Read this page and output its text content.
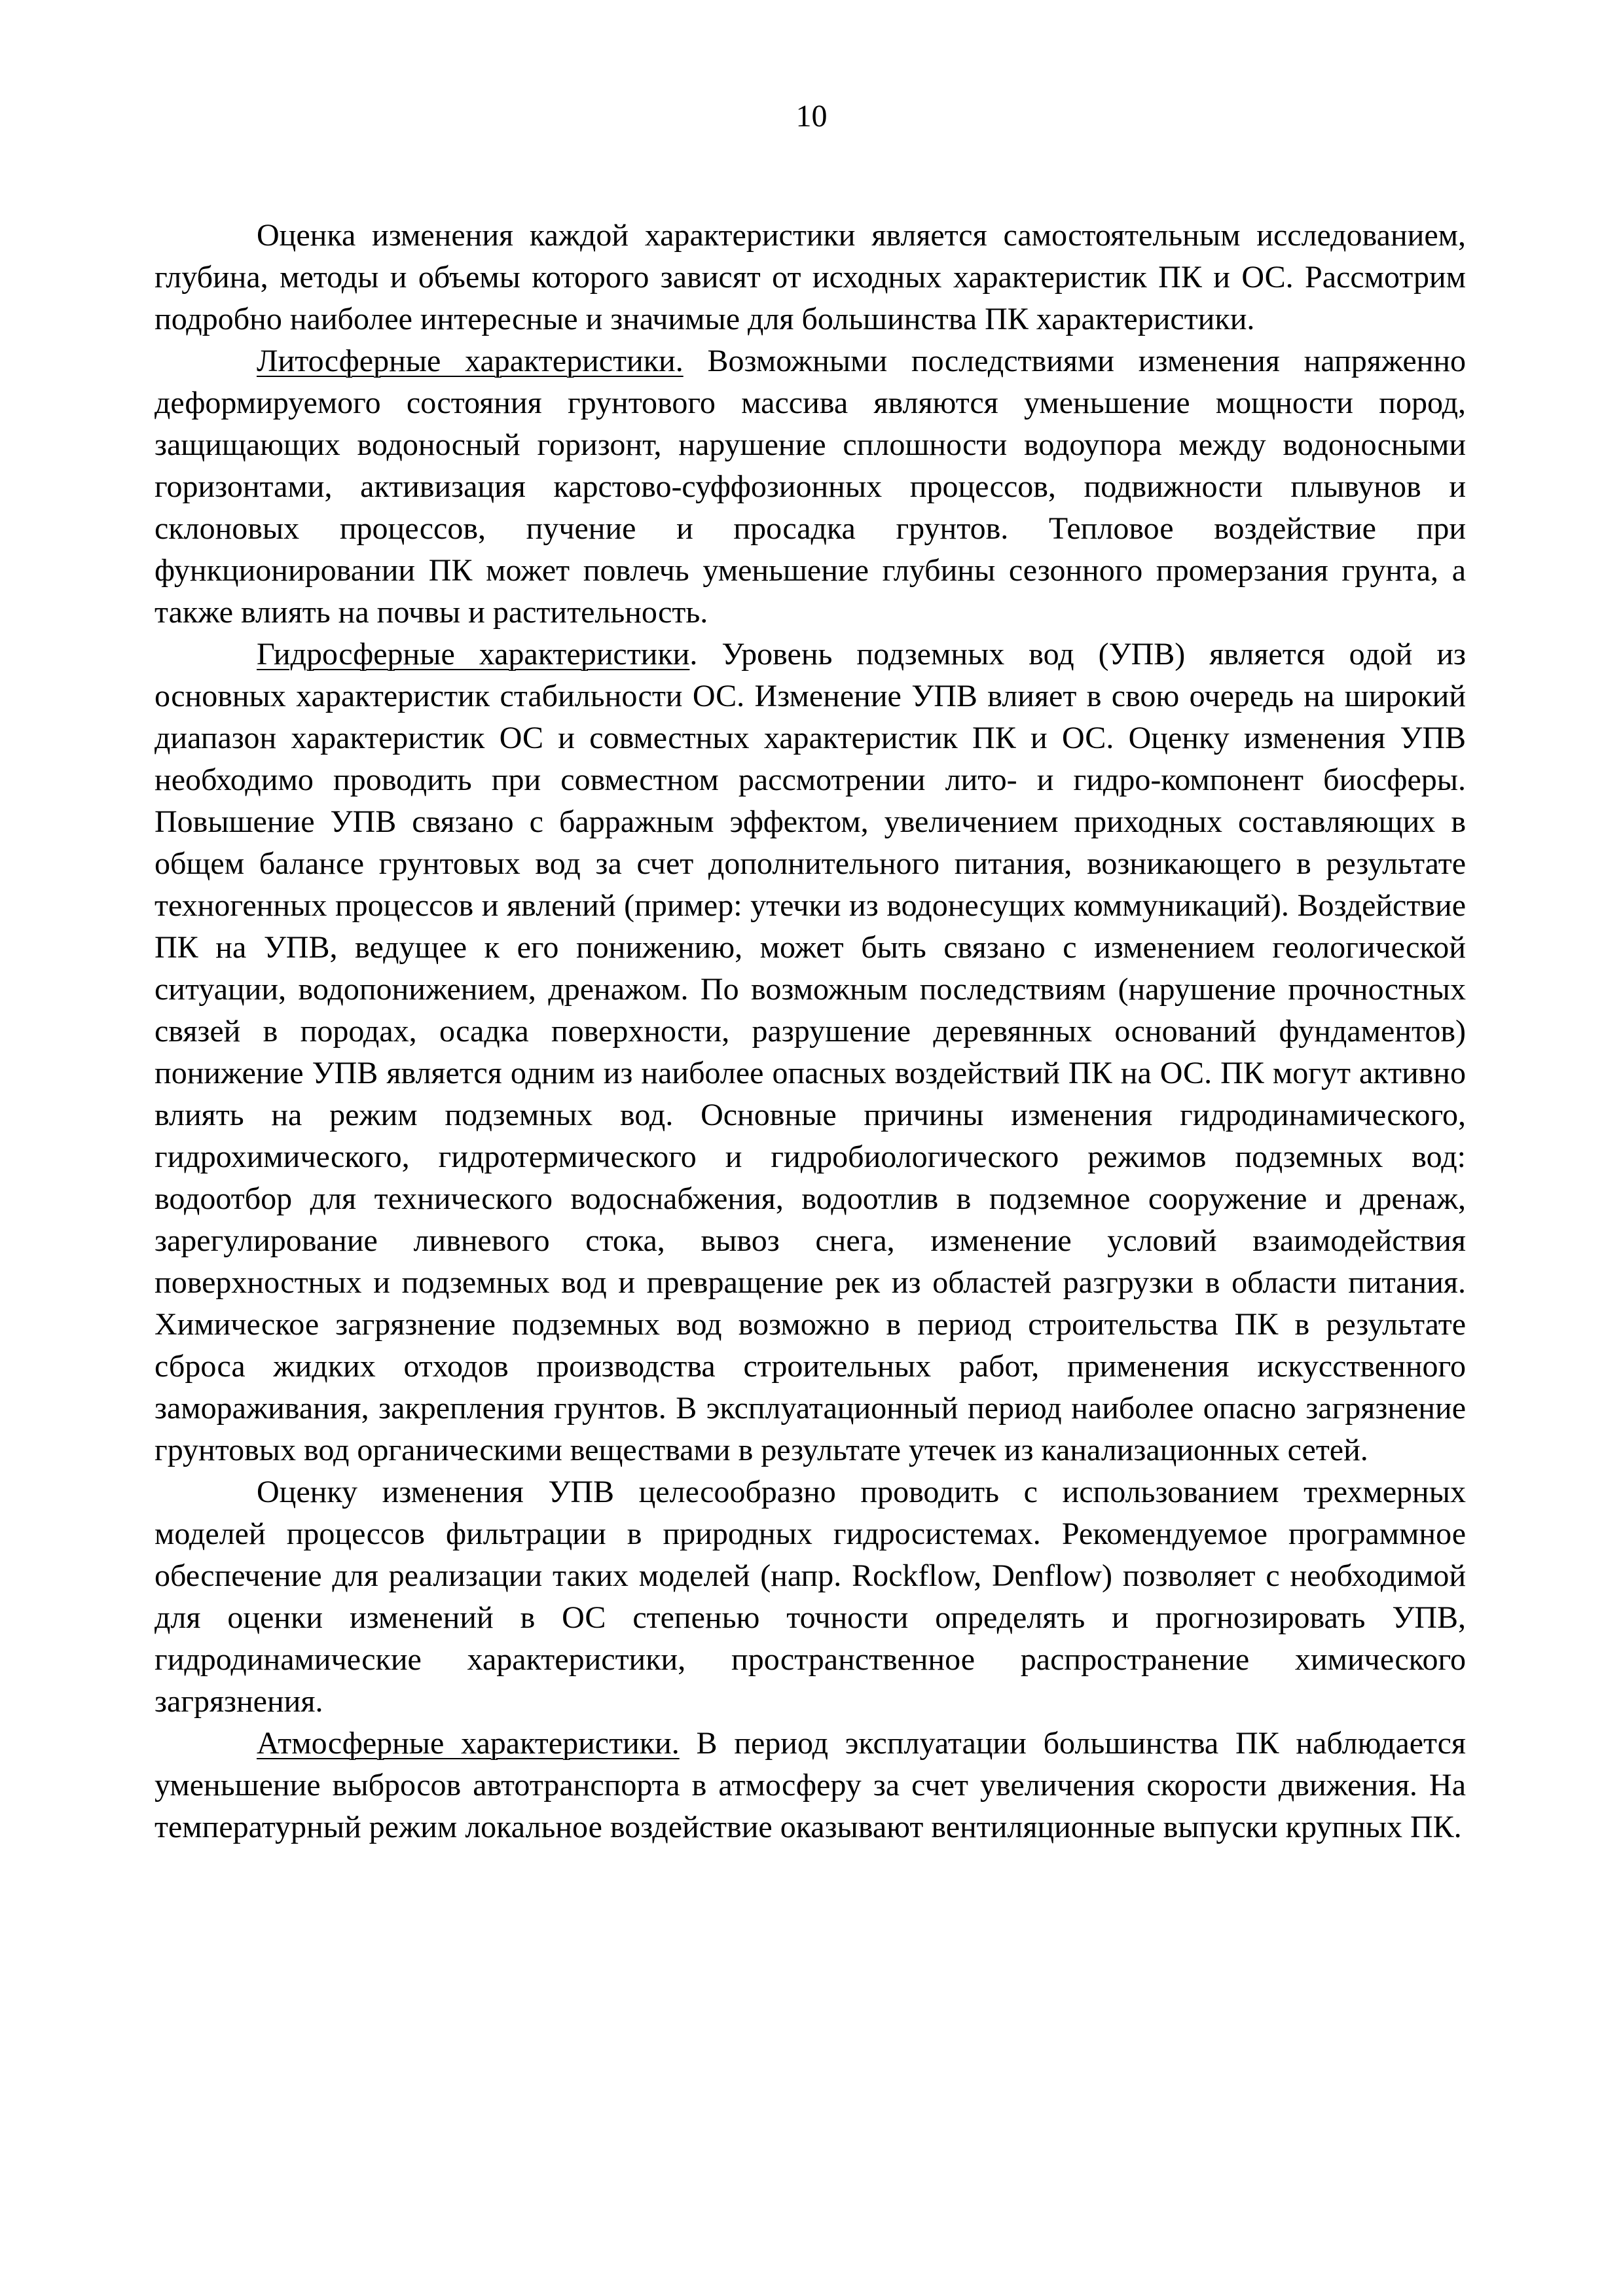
10

Оценка изменения каждой характеристики является самостоятельным исследованием, глубина, методы и объемы которого зависят от исходных характеристик ПК и ОС. Рассмотрим подробно наиболее интересные и значимые для большинства ПК характеристики.

Литосферные характеристики. Возможными последствиями изменения напряженно деформируемого состояния грунтового массива являются уменьшение мощности пород, защищающих водоносный горизонт, нарушение сплошности водоупора между водоносными горизонтами, активизация карстово-суффозионных процессов, подвижности плывунов и склоновых процессов, пучение и просадка грунтов. Тепловое воздействие при функционировании ПК может повлечь уменьшение глубины сезонного промерзания грунта, а также влиять на почвы и растительность.

Гидросферные характеристики. Уровень подземных вод (УПВ) является одой из основных характеристик стабильности ОС. Изменение УПВ влияет в свою очередь на широкий диапазон характеристик ОС и совместных характеристик ПК и ОС. Оценку изменения УПВ необходимо проводить при совместном рассмотрении лито- и гидро-компонент биосферы. Повышение УПВ связано с барражным эффектом, увеличением приходных составляющих в общем балансе грунтовых вод за счет дополнительного питания, возникающего в результате техногенных процессов и явлений (пример: утечки из водонесущих коммуникаций). Воздействие ПК на УПВ, ведущее к его понижению, может быть связано с изменением геологической ситуации, водопонижением, дренажом. По возможным последствиям (нарушение прочностных связей в породах, осадка поверхности, разрушение деревянных оснований фундаментов) понижение УПВ является одним из наиболее опасных воздействий ПК на ОС. ПК могут активно влиять на режим подземных вод. Основные причины изменения гидродинамического, гидрохимического, гидротермического и гидробиологического режимов подземных вод: водоотбор для технического водоснабжения, водоотлив в подземное сооружение и дренаж, зарегулирование ливневого стока, вывоз снега, изменение условий взаимодействия поверхностных и подземных вод и превращение рек из областей разгрузки в области питания. Химическое загрязнение подземных вод возможно в период строительства ПК в результате сброса жидких отходов производства строительных работ, применения искусственного замораживания, закрепления грунтов. В эксплуатационный период наиболее опасно загрязнение грунтовых вод органическими веществами в результате утечек из канализационных сетей.

Оценку изменения УПВ целесообразно проводить с использованием трехмерных моделей процессов фильтрации в природных гидросистемах. Рекомендуемое программное обеспечение для реализации таких моделей (напр. Rockflow, Denflow) позволяет с необходимой для оценки изменений в ОС степенью точности определять и прогнозировать УПВ, гидродинамические характеристики, пространственное распространение химического загрязнения.

Атмосферные характеристики. В период эксплуатации большинства ПК наблюдается уменьшение выбросов автотранспорта в атмосферу за счет увеличения скорости движения. На температурный режим локальное воздействие оказывают вентиляционные выпуски крупных ПК.
